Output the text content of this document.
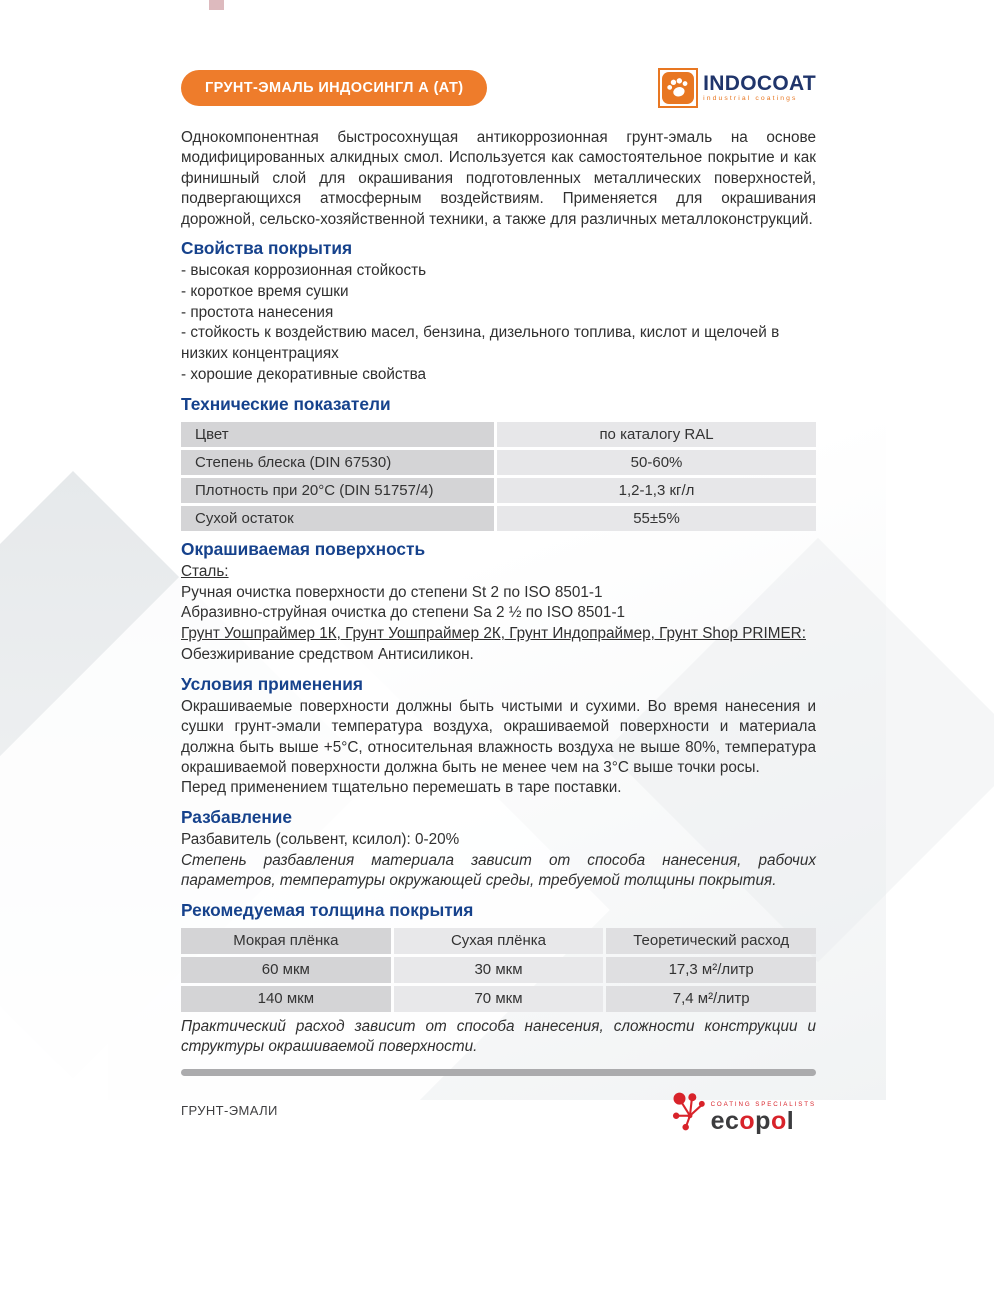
ГРУНТ-ЭМАЛЬ ИНДОСИНГЛ А (АТ)	INDOCOAT
industrial coatings

Однокомпонентная быстросохнущая антикоррозионная грунт-эмаль на основе модифицированных алкидных смол. Используется как самостоятельное покрытие и как финишный слой для окрашивания подготовленных металлических поверхностей, подвергающихся атмосферным воздействиям. Применяется для окрашивания дорожной, сельско-хозяйственной техники, а также для различных металлоконструкций.

Свойства покрытия
- высокая коррозионная стойкость
- короткое время сушки
- простота нанесения
- стойкость к воздействию масел, бензина, дизельного топлива, кислот и щелочей в низких концентрациях
- хорошие декоративные свойства
Технические показатели
Цвет	по каталогу RAL
Степень блеска (DIN 67530)	50-60%
Плотность при 20°C (DIN 51757/4)	1,2-1,3 кг/л
Сухой остаток	55±5%
Окрашиваемая поверхность
Сталь:
Ручная очистка поверхности до степени St 2 по ISO 8501-1
Абразивно-струйная очистка до степени Sa 2 ½ по ISO 8501-1
Грунт Уошпраймер 1К, Грунт Уошпраймер 2К, Грунт Индопраймер, Грунт Shop PRIMER:
Обезжиривание средством Антисиликон.
Условия применения

Окрашиваемые поверхности должны быть чистыми и сухими. Во время нанесения и сушки грунт-эмали температура воздуха, окрашиваемой поверхности и материала должна быть выше +5°С, относительная влажность воздуха не выше 80%, температура окрашиваемой поверхности должна быть не менее чем на 3°С выше точки росы.

Перед применением тщательно перемешать в таре поставки.
Разбавление
Разбавитель (сольвент, ксилол): 0-20%

Степень разбавления материала зависит от способа нанесения, рабочих параметров, температуры окружающей среды, требуемой толщины покрытия.

Рекомедуемая толщина покрытия
Мокрая плёнка	Сухая плёнка	Теоретический расход
60 мкм	30 мкм	17,3 м²/литр
140 мкм	70 мкм	7,4 м²/литр

Практический расход зависит от способа нанесения, сложности конструкции и структуры окрашиваемой поверхности.

ГРУНТ-ЭМАЛИ	COATING SPECIALISTS
ecopol
